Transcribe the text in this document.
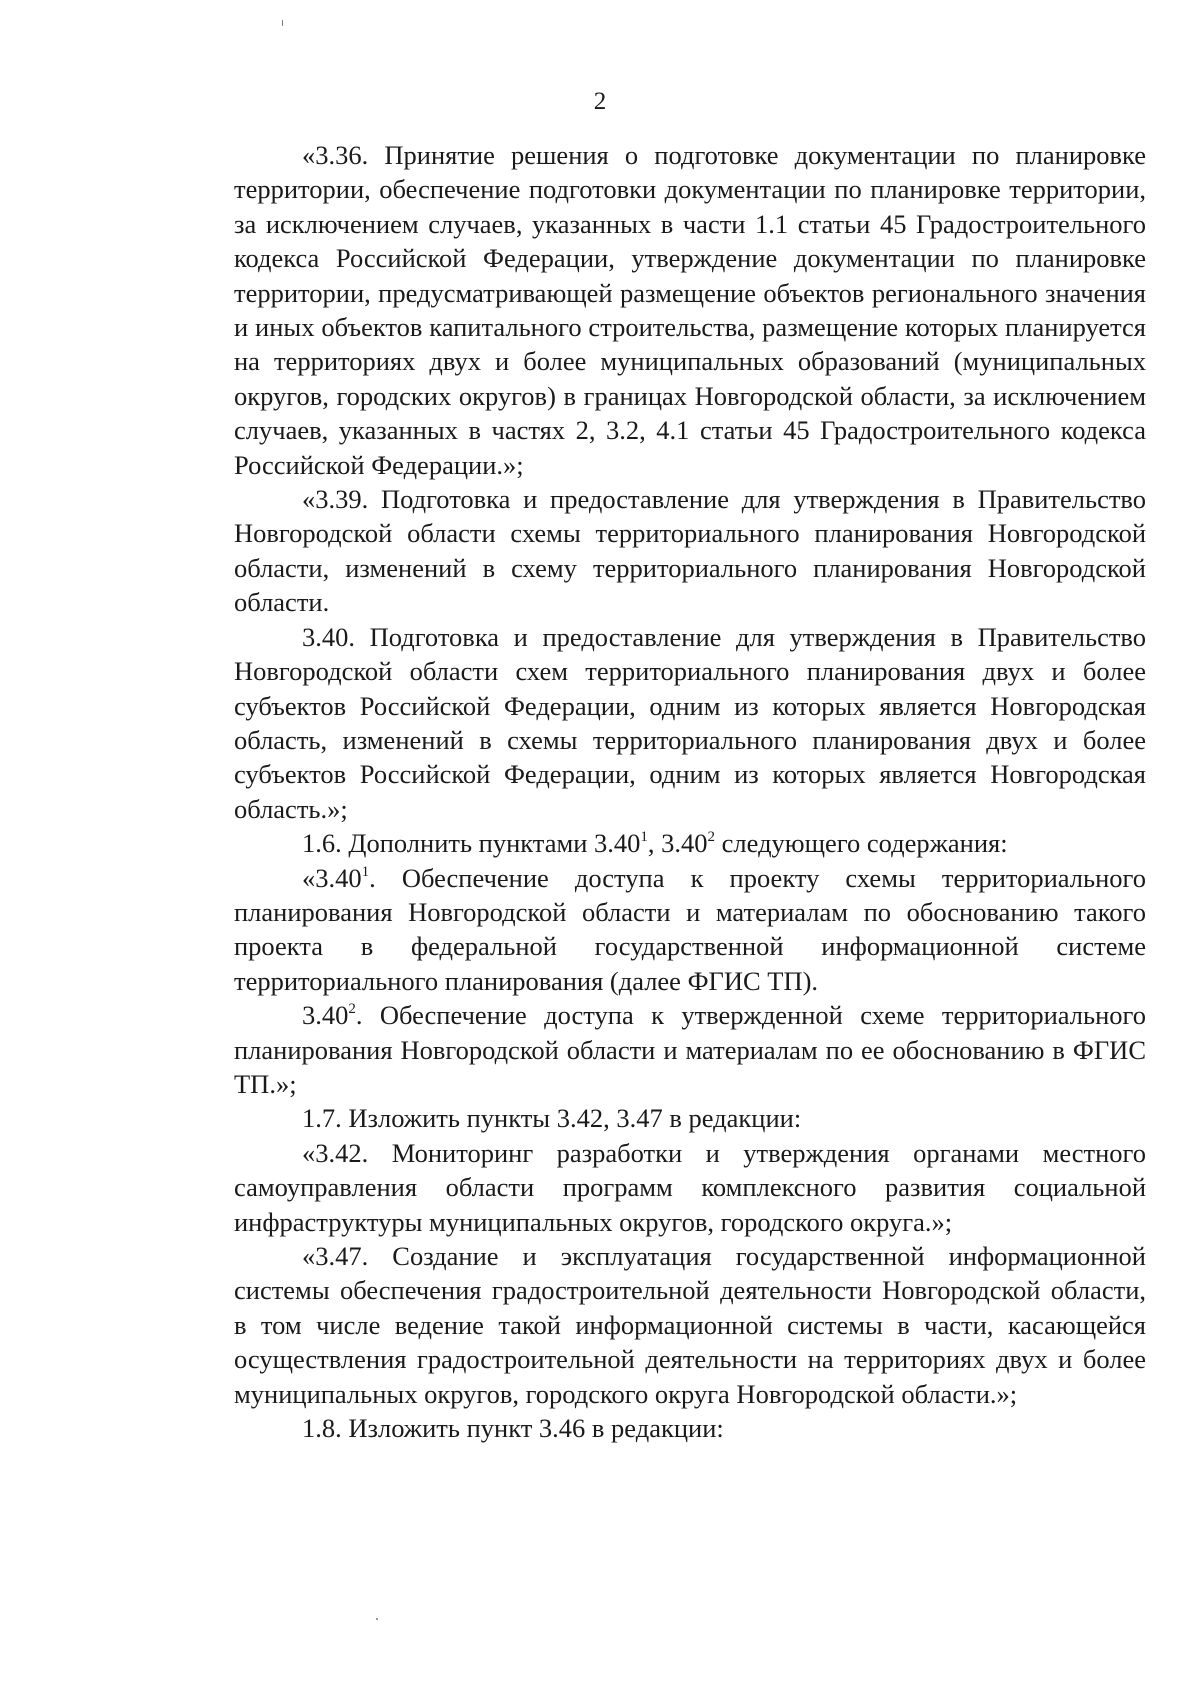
2

«3.36. Принятие решения о подготовке документации по планировке территории, обеспечение подготовки документации по планировке территории, за исключением случаев, указанных в части 1.1 статьи 45 Градостроительного кодекса Российской Федерации, утверждение документации по планировке территории, предусматривающей размещение объектов регионального значения и иных объектов капитального строительства, размещение которых планируется на территориях двух и более муниципальных образований (муниципальных округов, городских округов) в границах Новгородской области, за исключением случаев, указанных в частях 2, 3.2, 4.1 статьи 45 Градостроительного кодекса Российской Федерации.»;

«3.39. Подготовка и предоставление для утверждения в Правительство Новгородской области схемы территориального планирования Новгородской области, изменений в схему территориального планирования Новгородской области.

3.40. Подготовка и предоставление для утверждения в Правительство Новгородской области схем территориального планирования двух и более субъектов Российской Федерации, одним из которых является Новгородская область, изменений в схемы территориального планирования двух и более субъектов Российской Федерации, одним из которых является Новгородская область.»;

1.6. Дополнить пунктами 3.40$^1$, 3.40$^2$ следующего содержания:

«3.40$^1$. Обеспечение доступа к проекту схемы территориального планирования Новгородской области и материалам по обоснованию такого проекта в федеральной государственной информационной системе территориального планирования (далее ФГИС ТП).

3.40$^2$. Обеспечение доступа к утвержденной схеме территориального планирования Новгородской области и материалам по ее обоснованию в ФГИС ТП.»;

1.7. Изложить пункты 3.42, 3.47 в редакции:

«3.42. Мониторинг разработки и утверждения органами местного самоуправления области программ комплексного развития социальной инфраструктуры муниципальных округов, городского округа.»;

«3.47. Создание и эксплуатация государственной информационной системы обеспечения градостроительной деятельности Новгородской области, в том числе ведение такой информационной системы в части, касающейся осуществления градостроительной деятельности на территориях двух и более муниципальных округов, городского округа Новгородской области.»;

1.8. Изложить пункт 3.46 в редакции:
